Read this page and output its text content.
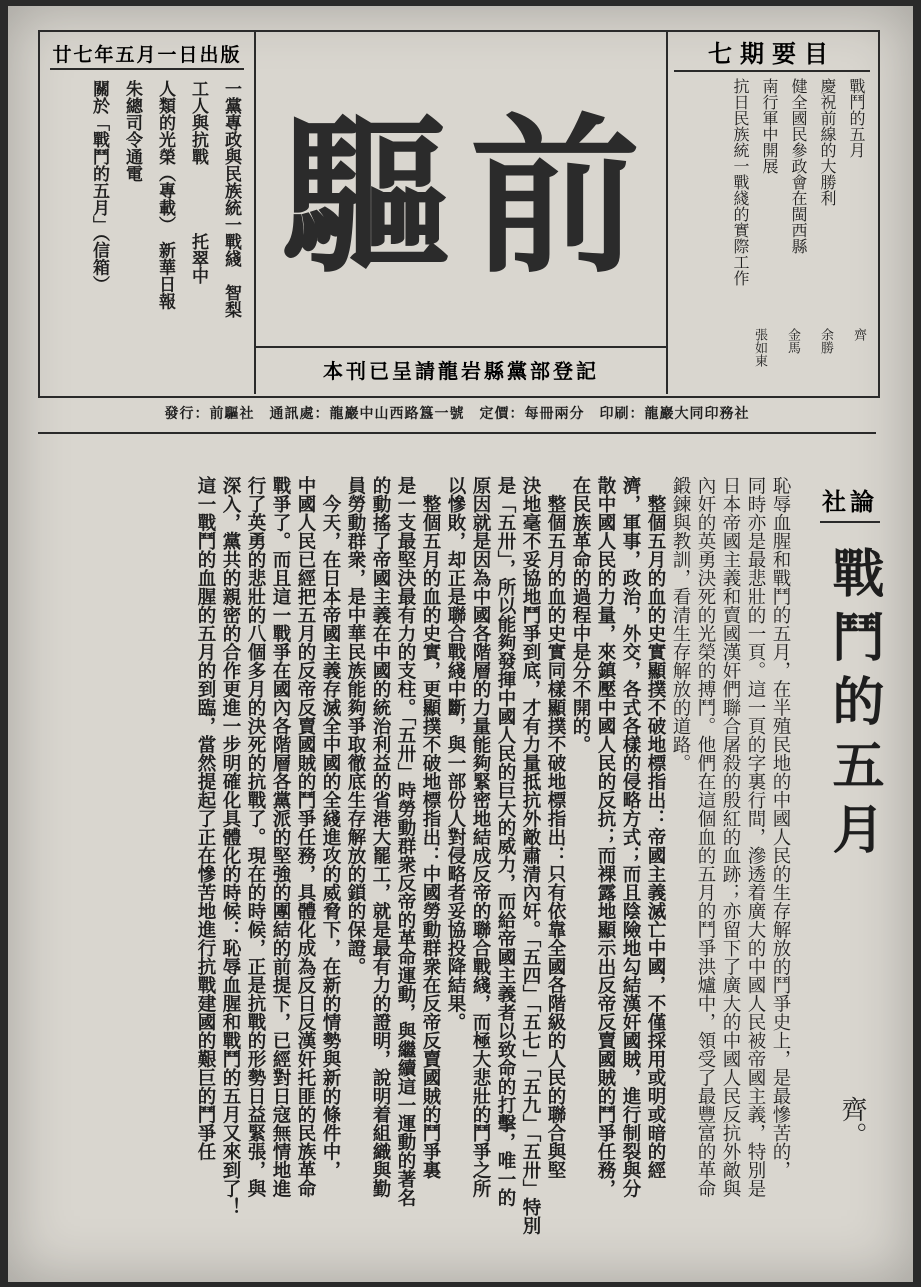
廿七年五月一日出版
一黨專政與民族統一戰綫　智梨
工人與抗戰　　　　托翠中
人類的光榮（專載）　新華日報
朱總司令通電
關於「戰鬥的五月」（信箱） 前
驅
本刊已呈請龍岩縣黨部登記
七期要目
戰鬥的五月
慶祝前線的大勝利
健全國民參政會在閩西縣
南行軍中開展
抗日民族統一戰綫的實際工作
齊
余勝
金馬
張如東
發行：前驅社　通訊處：龍巖中山西路簋一號　定價：每冊兩分　印刷：龍巖大同印務社
社論
戰鬥的五月
齊。
恥辱血腥和戰鬥的五月，在半殖民地的中國人民的生存解放的鬥爭史上，是最慘苦的，
同時亦是最悲壯的一頁。這一頁的字裏行間，滲透着廣大的中國人民被帝國主義，特別是
日本帝國主義和賣國漢奸們聯合屠殺的殷紅的血跡；亦留下了廣大的中國人民反抗外敵與
內奸的英勇決死的光榮的搏鬥。他們在這個血的五月的鬥爭洪爐中，領受了最豐富的革命
鍛鍊與教訓，看清生存解放的道路。
　整個五月的血的史實顯撲不破地標指出：帝國主義滅亡中國，不僅採用或明或暗的經
濟，軍事，政治，外交，各式各樣的侵略方式；而且陰險地勾結漢奸國賊，進行制裂與分
散中國人民的力量，來鎮壓中國人民的反抗；而裸露地顯示出反帝反賣國賊的鬥爭任務，
在民族革命的過程中是分不開的。
　整個五月的血的史實同樣顯撲不破地標指出：只有依靠全國各階級的人民的聯合與堅
決地毫不妥協地鬥爭到底，才有力量抵抗外敵肅清內奸。「五四」「五七」「五九」「五卅」特別
是「五卅」，所以能夠發揮中國人民的巨大的威力，而給帝國主義者以致命的打擊，唯一的
原因就是因為中國各階層的力量能夠緊密地結成反帝的聯合戰綫，而極大悲壯的鬥爭之所
以慘敗，却正是聯合戰綫中斷，與一部份人對侵略者妥協投降結果。
　整個五月的血的史實，更顯撲不破地標指出：中國勞動群衆在反帝反賣國賊的鬥爭裏
是一支最堅決最有力的支柱。「五卅」時勞動群衆反帝的革命運動，與繼續這一運動的著名
的動搖了帝國主義在中國的統治利益的省港大罷工，就是最有力的證明，說明着組織與勤
員勞動群衆，是中華民族能夠爭取徹底生存解放的鎖的保證。
　今天，在日本帝國主義存滅全中國的全綫進攻的威脅下，在新的情勢與新的條件中，
中國人民已經把五月的反帝反賣國賊的鬥爭任務，具體化成為反日反漢奸托匪的民族革命
戰爭了。而且這一戰爭在國內各階層各黨派的堅強的團結的前提下，已經對日寇無情地進
行了英勇的悲壯的八個多月的決死的抗戰了。現在的時候，正是抗戰的形勢日益緊張，與
深入，黨共的親密的合作更進一步明確化具體化的時候：恥辱血腥和戰鬥的五月又來到了！
這一戰鬥的血腥的五月的到臨，當然提起了正在慘苦地進行抗戰建國的艱巨的鬥爭任
